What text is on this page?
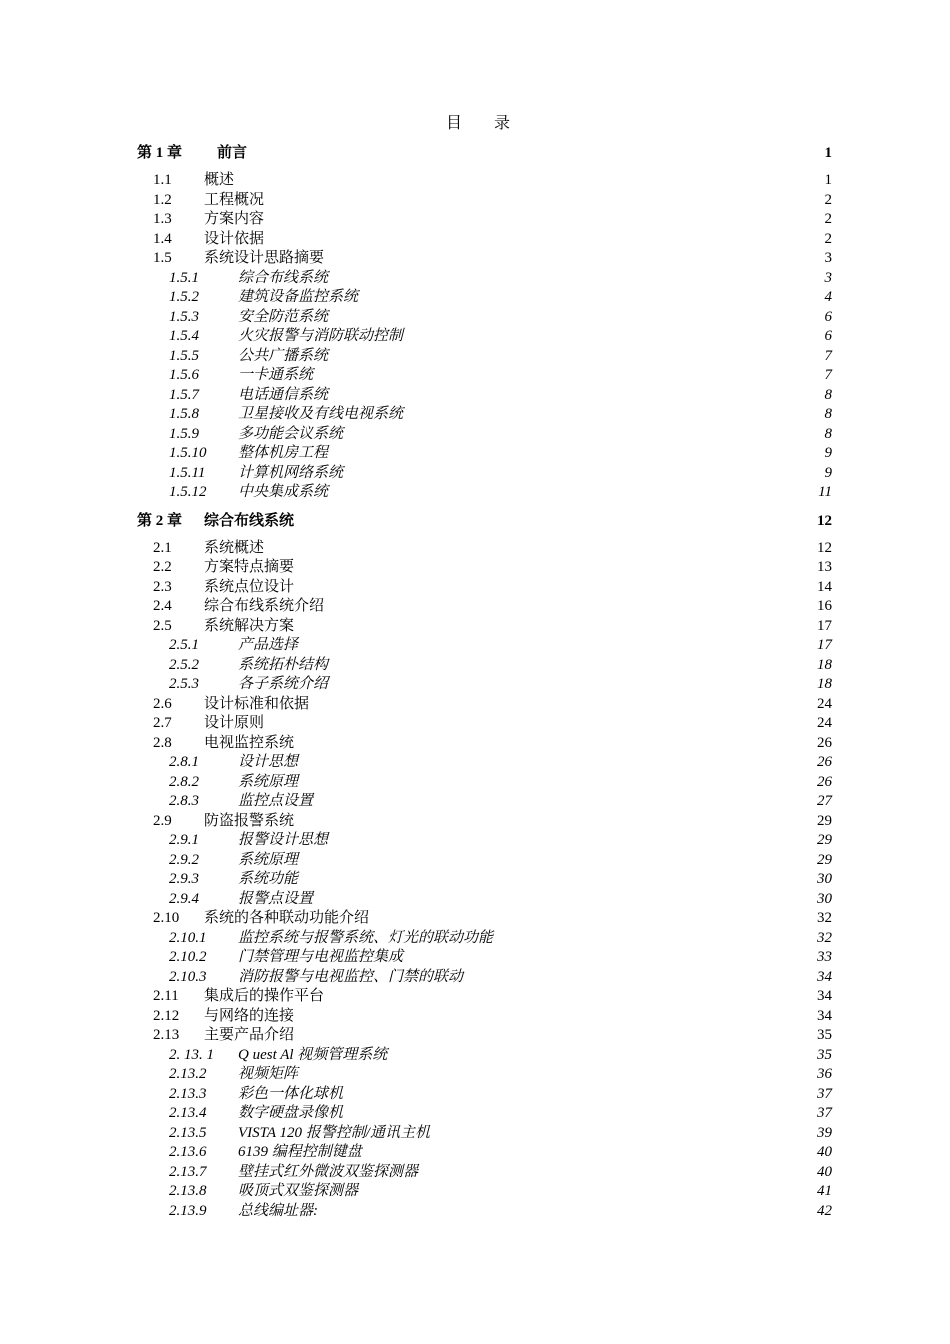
目 录
第 1 章 前言	1
1.1 概述	1
1.2 工程概况	2
1.3 方案内容	2
1.4 设计依据	2
1.5 系统设计思路摘要	3
1.5.1	综合布线系统	3
1.5.2	建筑设备监控系统	4
1.5.3	安全防范系统	6
1.5.4	火灾报警与消防联动控制	6
1.5.5	公共广播系统	7
1.5.6	一卡通系统	7
1.5.7	电话通信系统	8
1.5.8	卫星接收及有线电视系统	8
1.5.9	多功能会议系统	8
1.5.10 整体机房工程	9
1.5.11 计算机网络系统	9
1.5.12 中央集成系统	11
第 2 章 综合布线系统	12
2.1 系统概述	12
2.2 方案特点摘要	13
2.3 系统点位设计	14
2.4 综合布线系统介绍	16
2.5 系统解决方案	17
2.5.1	产品选择	17
2.5.2	系统拓朴结构	18
2.5.3	各子系统介绍	18
2.6 设计标准和依据	24
2.7 设计原则	24
2.8 电视监控系统	26
2.8.1	设计思想	26
2.8.2	系统原理	26
2.8.3	监控点设置	27
2.9 防盗报警系统	29
2.9.1	报警设计思想	29
2.9.2	系统原理	29
2.9.3	系统功能	30
2.9.4	报警点设置	30
2.10 系统的各种联动功能介绍	32
2.10.1 监控系统与报警系统、灯光的联动功能	32
2.10.2 门禁管理与电视监控集成	33
2.10.3 消防报警与电视监控、门禁的联动	34
2.11 集成后的操作平台	34
2.12 与网络的连接	34
2.13 主要产品介绍	35
2. 13. 1 Q uest Al 视频管理系统	35
2.13.2 视频矩阵	36
2.13.3 彩色一体化球机	37
2.13.4 数字硬盘录像机	37
2.13.5 VISTA 120 报警控制/通讯主机	39
2.13.6 6139 编程控制键盘	40
2.13.7 壁挂式红外微波双鉴探测器	40
2.13.8 吸顶式双鉴探测器	41
2.13.9 总线编址器:	42
